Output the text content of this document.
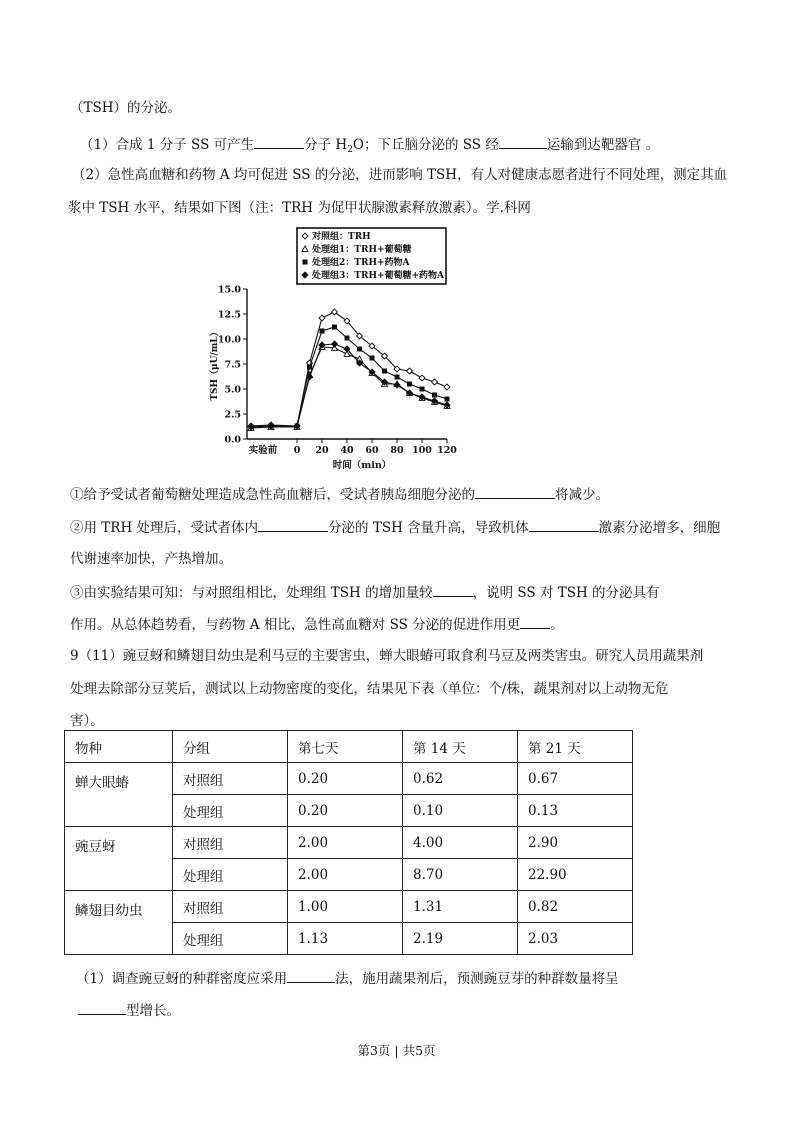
（TSH）的分泌。
（1）合成 1 分子 SS 可产生	分子 $H_2O$；下丘脑分泌的 SS 经	运输到达靶器官 。
（2）急性高血糖和药物 A 均可促进 SS 的分泌，进而影响 TSH，有人对健康志愿者进行不同处理，测定其血
浆中 TSH 水平，结果如下图（注：TRH 为促甲状腺激素释放激素）。学.科网
对照组：TRH
处理组1：TRH+葡萄糖
处理组2：TRH+药物A
处理组3：TRH+葡萄糖+药物A
0.0
2.5
5.0
7.5
10.0
12.5
15.0
实验前 0 20 40 60 80 100 120
时间（min）
TSH（μU/mL）
①给予受试者葡萄糖处理造成急性高血糖后，受试者胰岛细胞分泌的	将减少。
②用 TRH 处理后，受试者体内	分泌的 TSH 含量升高，导致机体	激素分泌增多，细胞
代谢速率加快，产热增加。
③由实验结果可知：与对照组相比，处理组 TSH 的增加量较	，说明 SS 对 TSH 的分泌具有
作用。从总体趋势看，与药物 A 相比，急性高血糖对 SS 分泌的促进作用更 。
9（11）豌豆蚜和鳞翅目幼虫是利马豆的主要害虫，蝉大眼蝽可取食利马豆及两类害虫。研究人员用蔬果剂
处理去除部分豆荚后，测试以上动物密度的变化，结果见下表（单位：个/株，蔬果剂对以上动物无危
害）。
物种	分组	第七天	第 14 天	第 21 天
蝉大眼蝽	对照组	0.20	0.62	0.67
	处理组	0.20	0.10	0.13
豌豆蚜	对照组	2.00	4.00	2.90
	处理组	2.00	8.70	22.90
鳞翅目幼虫	对照组	1.00	1.31	0.82
	处理组	1.13	2.19	2.03
（1）调查豌豆蚜的种群密度应采用	法，施用蔬果剂后，预测豌豆芽的种群数量将呈
型增长。
第3页 | 共5页
